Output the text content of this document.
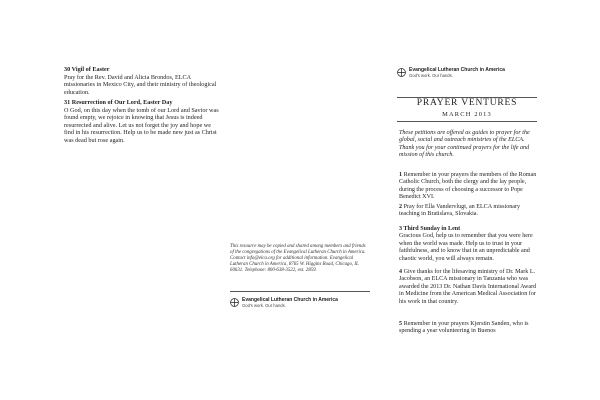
30 Vigil of Easter
Pray for the Rev. David and Alicia Brondos, ELCA missionaries in Mexico City, and their ministry of theological education.
31 Resurrection of Our Lord, Easter Day
O God, on this day when the tomb of our Lord and Savior was found empty, we rejoice in knowing that Jesus is indeed resurrected and alive. Let us not forget the joy and hope we find in his resurrection. Help us to be made new just as Christ was dead but rose again.
This resource may be copied and shared among members and friends of the congregations of the Evangelical Lutheran Church in America. Contact info@elca.org for additional information. Evangelical Lutheran Church in America, 8765 W. Higgins Road, Chicago, IL 60631. Telephone: 800-638-3522, ext. 2859.
Evangelical Lutheran Church in America
God's work. Our hands.
Evangelical Lutheran Church in America
God's work. Our hands.
PRAYER VENTURES
MARCH 2013
These petitions are offered as guides to prayer for the global, social and outreach ministries of the ELCA. Thank you for your continued prayers for the life and mission of this church.
1 Remember in your prayers the members of the Roman Catholic Church, both the clergy and the lay people, during the process of choosing a successor to Pope Benedict XVI.
2 Pray for Ella Vandervlugt, an ELCA missionary teaching in Bratislava, Slovakia.
3 Third Sunday in Lent
Gracious God, help us to remember that you were here when the world was made. Help us to trust in your faithfulness, and to know that in an unpredictable and chaotic world, you will always remain.
4 Give thanks for the lifesaving ministry of Dr. Mark L. Jacobson, an ELCA missionary in Tanzania who was awarded the 2013 Dr. Nathan Davis International Award in Medicine from the American Medical Association for his work in that country.
5 Remember in your prayers Kjerstin Sanden, who is spending a year volunteering in Buenos
